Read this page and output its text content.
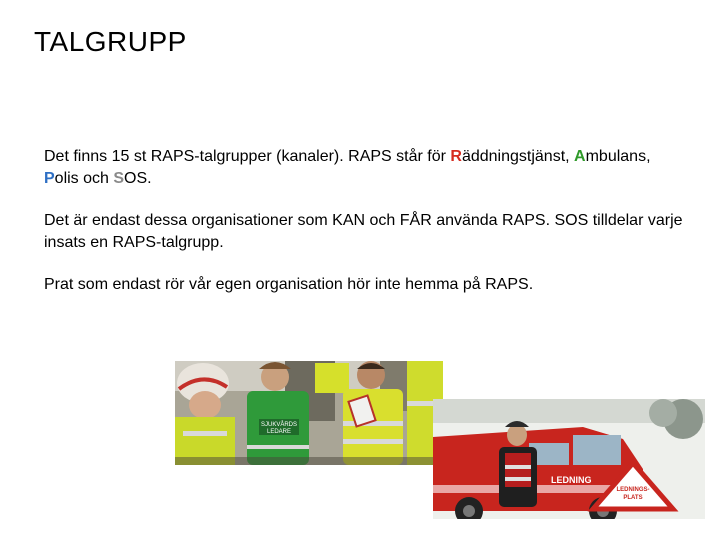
TALGRUPP

Det finns 15 st RAPS-talgrupper (kanaler). RAPS står för Räddningstjänst, Ambulans, Polis och SOS.

Det är endast dessa organisationer som KAN och FÅR använda RAPS. SOS tilldelar varje insats en RAPS-talgrupp.

Prat som endast rör vår egen organisation hör inte hemma på RAPS.

SJUKVÅRDS
LEDARE
LEDNING
LEDNINGS-
PLATS
